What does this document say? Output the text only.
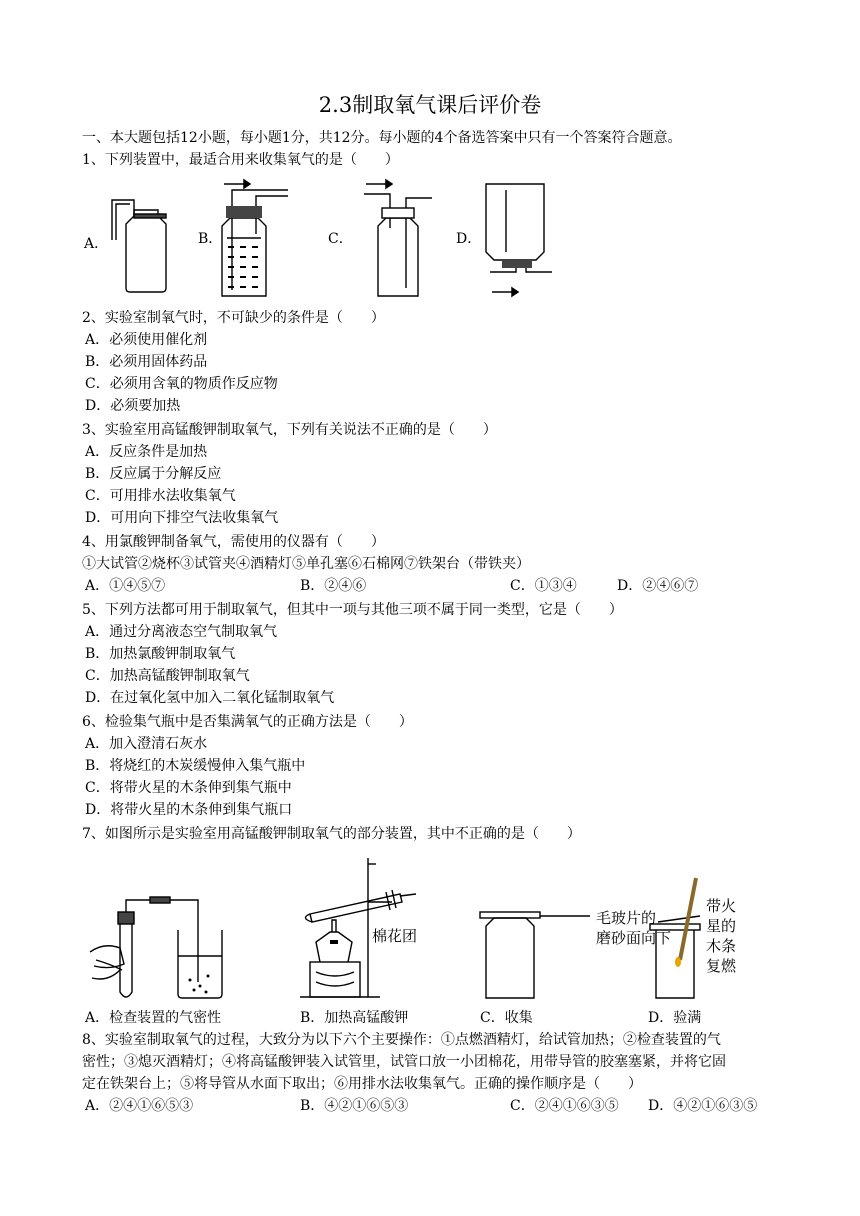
2.3制取氧气课后评价卷
一、本大题包括12小题，每小题1分，共12分。每小题的4个备选答案中只有一个答案符合题意。
1、下列装置中，最适合用来收集氧气的是（　　）
A．	B．	C．	D．
2、实验室制氧气时，不可缺少的条件是（　　）
A．必须使用催化剂
B．必须用固体药品
C．必须用含氧的物质作反应物
D．必须要加热
3、实验室用高锰酸钾制取氧气，下列有关说法不正确的是（　　）
A．反应条件是加热
B．反应属于分解反应
C．可用排水法收集氧气
D．可用向下排空气法收集氧气
4、用氯酸钾制备氧气，需使用的仪器有（　　）
①大试管②烧杯③试管夹④酒精灯⑤单孔塞⑥石棉网⑦铁架台（带铁夹）
A．①④⑤⑦	B．②④⑥	C．①③④	D．②④⑥⑦
5、下列方法都可用于制取氧气，但其中一项与其他三项不属于同一类型，它是（　　）
A．通过分离液态空气制取氧气
B．加热氯酸钾制取氧气
C．加热高锰酸钾制取氧气
D．在过氧化氢中加入二氧化锰制取氧气
6、检验集气瓶中是否集满氧气的正确方法是（　　）
A．加入澄清石灰水
B．将烧红的木炭缓慢伸入集气瓶中
C．将带火星的木条伸到集气瓶中
D．将带火星的木条伸到集气瓶口
7、如图所示是实验室用高锰酸钾制取氧气的部分装置，其中不正确的是（　　）
棉花团
毛玻片的
磨砂面向下
带火
星的
木条
复燃
A．检查装置的气密性	B．加热高锰酸钾	C．收集	D．验满
8、实验室制取氧气的过程，大致分为以下六个主要操作：①点燃酒精灯，给试管加热；②检查装置的气
密性；③熄灭酒精灯；④将高锰酸钾装入试管里，试管口放一小团棉花，用带导管的胶塞塞紧，并将它固
定在铁架台上；⑤将导管从水面下取出；⑥用排水法收集氧气。正确的操作顺序是（　　）
A．②④①⑥⑤③	B．④②①⑥⑤③	C．②④①⑥③⑤ D．④②①⑥③⑤
